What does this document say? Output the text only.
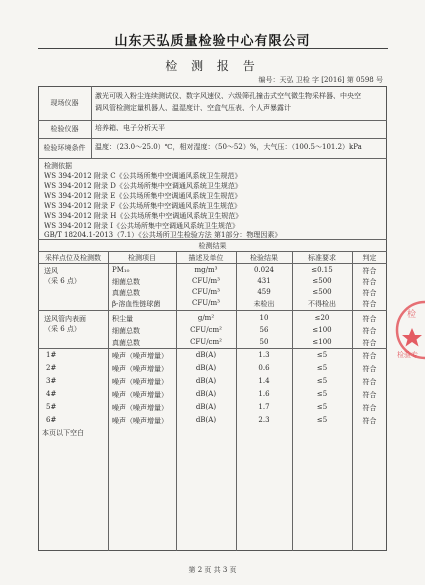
山东天弘质量检验中心有限公司
检 测 报 告
编号：天弘 卫检 字 [2016] 第 0598 号
现场仪器
激光可吸入粉尘连续测试仪、数字风速仪、六级筛孔撞击式空气微生物采样器、中央空
调风管检测定量机器人、温湿度计、空盒气压表、个人声暴露计
检验仪器	培养箱、电子分析天平
检验环境条件	温度：（23.0～25.0）℃，相对湿度：（50～52）%，大气压：（100.5～101.2）kPa
检测依据
WS 394-2012 附录 C《公共场所集中空调通风系统卫生规范》
WS 394-2012 附录 D《公共场所集中空调通风系统卫生规范》
WS 394-2012 附录 E《公共场所集中空调通风系统卫生规范》
WS 394-2012 附录 F《公共场所集中空调通风系统卫生规范》
WS 394-2012 附录 H《公共场所集中空调通风系统卫生规范》
WS 394-2012 附录 I《公共场所集中空调通风系统卫生规范》
GB/T 18204.1-2013（7.1）《公共场所卫生检验方法 第1部分：物理因素》
检测结果
采样点位及检测数	检测项目	描述及单位	检验结果	标准要求	判定
送风
（采 6 点）
PM₁₀	mg/m³	0.024	≤0.15	符合
细菌总数	CFU/m³	431	≤500	符合
真菌总数	CFU/m³	459	≤500	符合
β-溶血性链球菌	CFU/m³	未检出	不得检出	符合
送风管内表面
（采 6 点）
积尘量	g/m²	10	≤20	符合
细菌总数	CFU/cm²	56	≤100	符合
真菌总数	CFU/cm²	50	≤100	符合
1#	噪声（噪声增量）	dB(A)	1.3	≤5	符合
2#	噪声（噪声增量）	dB(A)	0.6	≤5	符合
3#	噪声（噪声增量）	dB(A)	1.4	≤5	符合
4#	噪声（噪声增量）	dB(A)	1.6	≤5	符合
5#	噪声（噪声增量）	dB(A)	1.7	≤5	符合
6#	噪声（噪声增量）	dB(A)	2.3	≤5	符合
本页以下空白
第 2 页 共 3 页
检
检验专
